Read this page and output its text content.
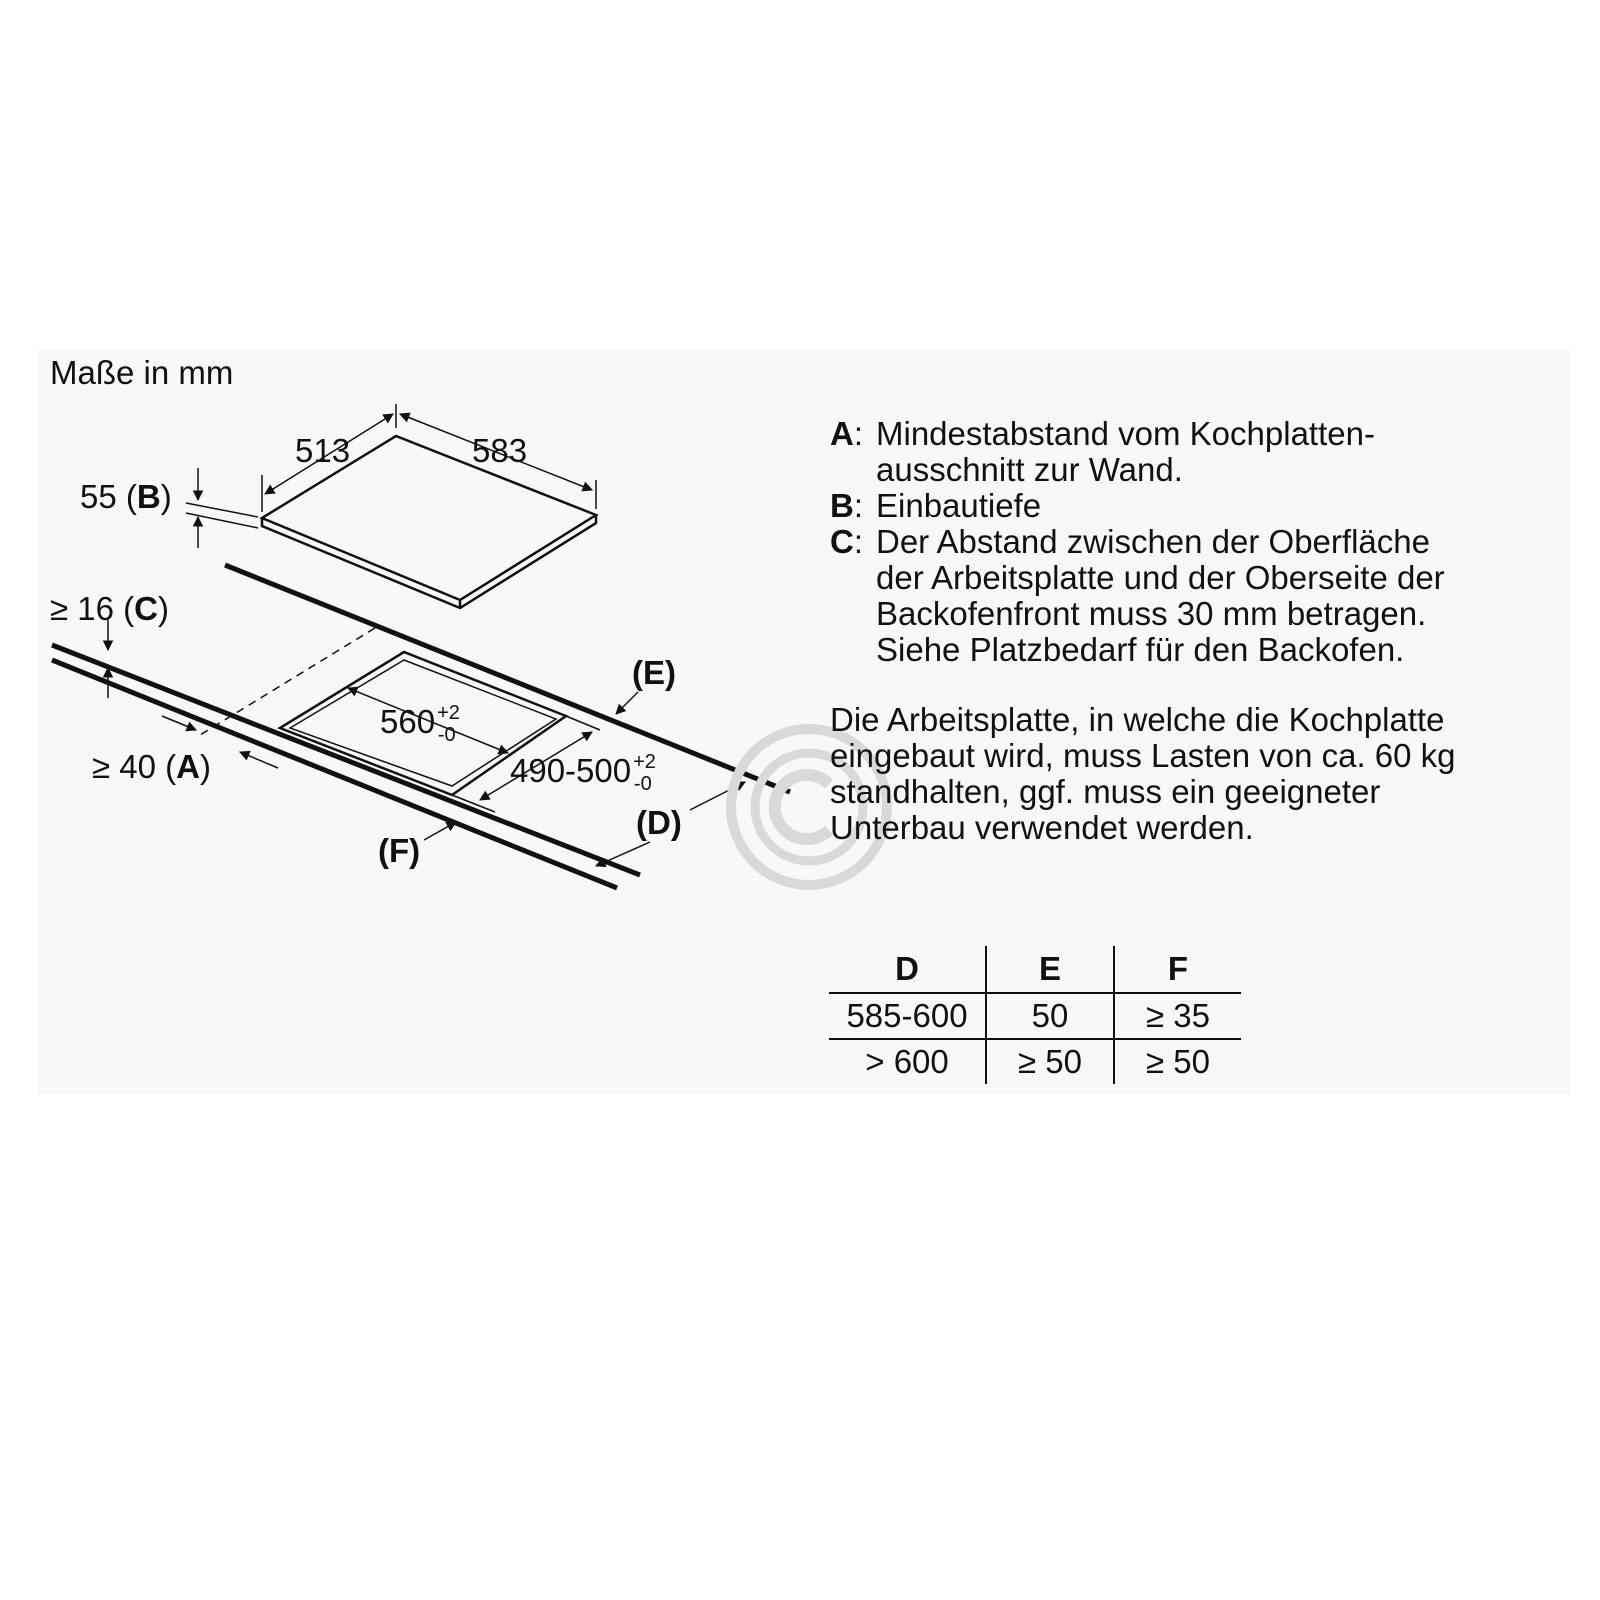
Maße in mm
513	583
55 (B)
560 $^{+2}$ -0
490-500 $^{+2}$ -0
≥ 16 (C)
≥ 40 (A)
(E)
(D)
(F)
A: Mindestabstand vom Kochplatten-
ausschnitt zur Wand.
B: Einbautiefe
C: Der Abstand zwischen der Oberfläche
der Arbeitsplatte und der Oberseite der
Backofenfront muss 30 mm betragen.
Siehe Platzbedarf für den Backofen.
Die Arbeitsplatte, in welche die Kochplatte
eingebaut wird, muss Lasten von ca. 60 kg
standhalten, ggf. muss ein geeigneter
Unterbau verwendet werden.
D	E	F
585-600	50	≥ 35
> 600	≥ 50	≥ 50
